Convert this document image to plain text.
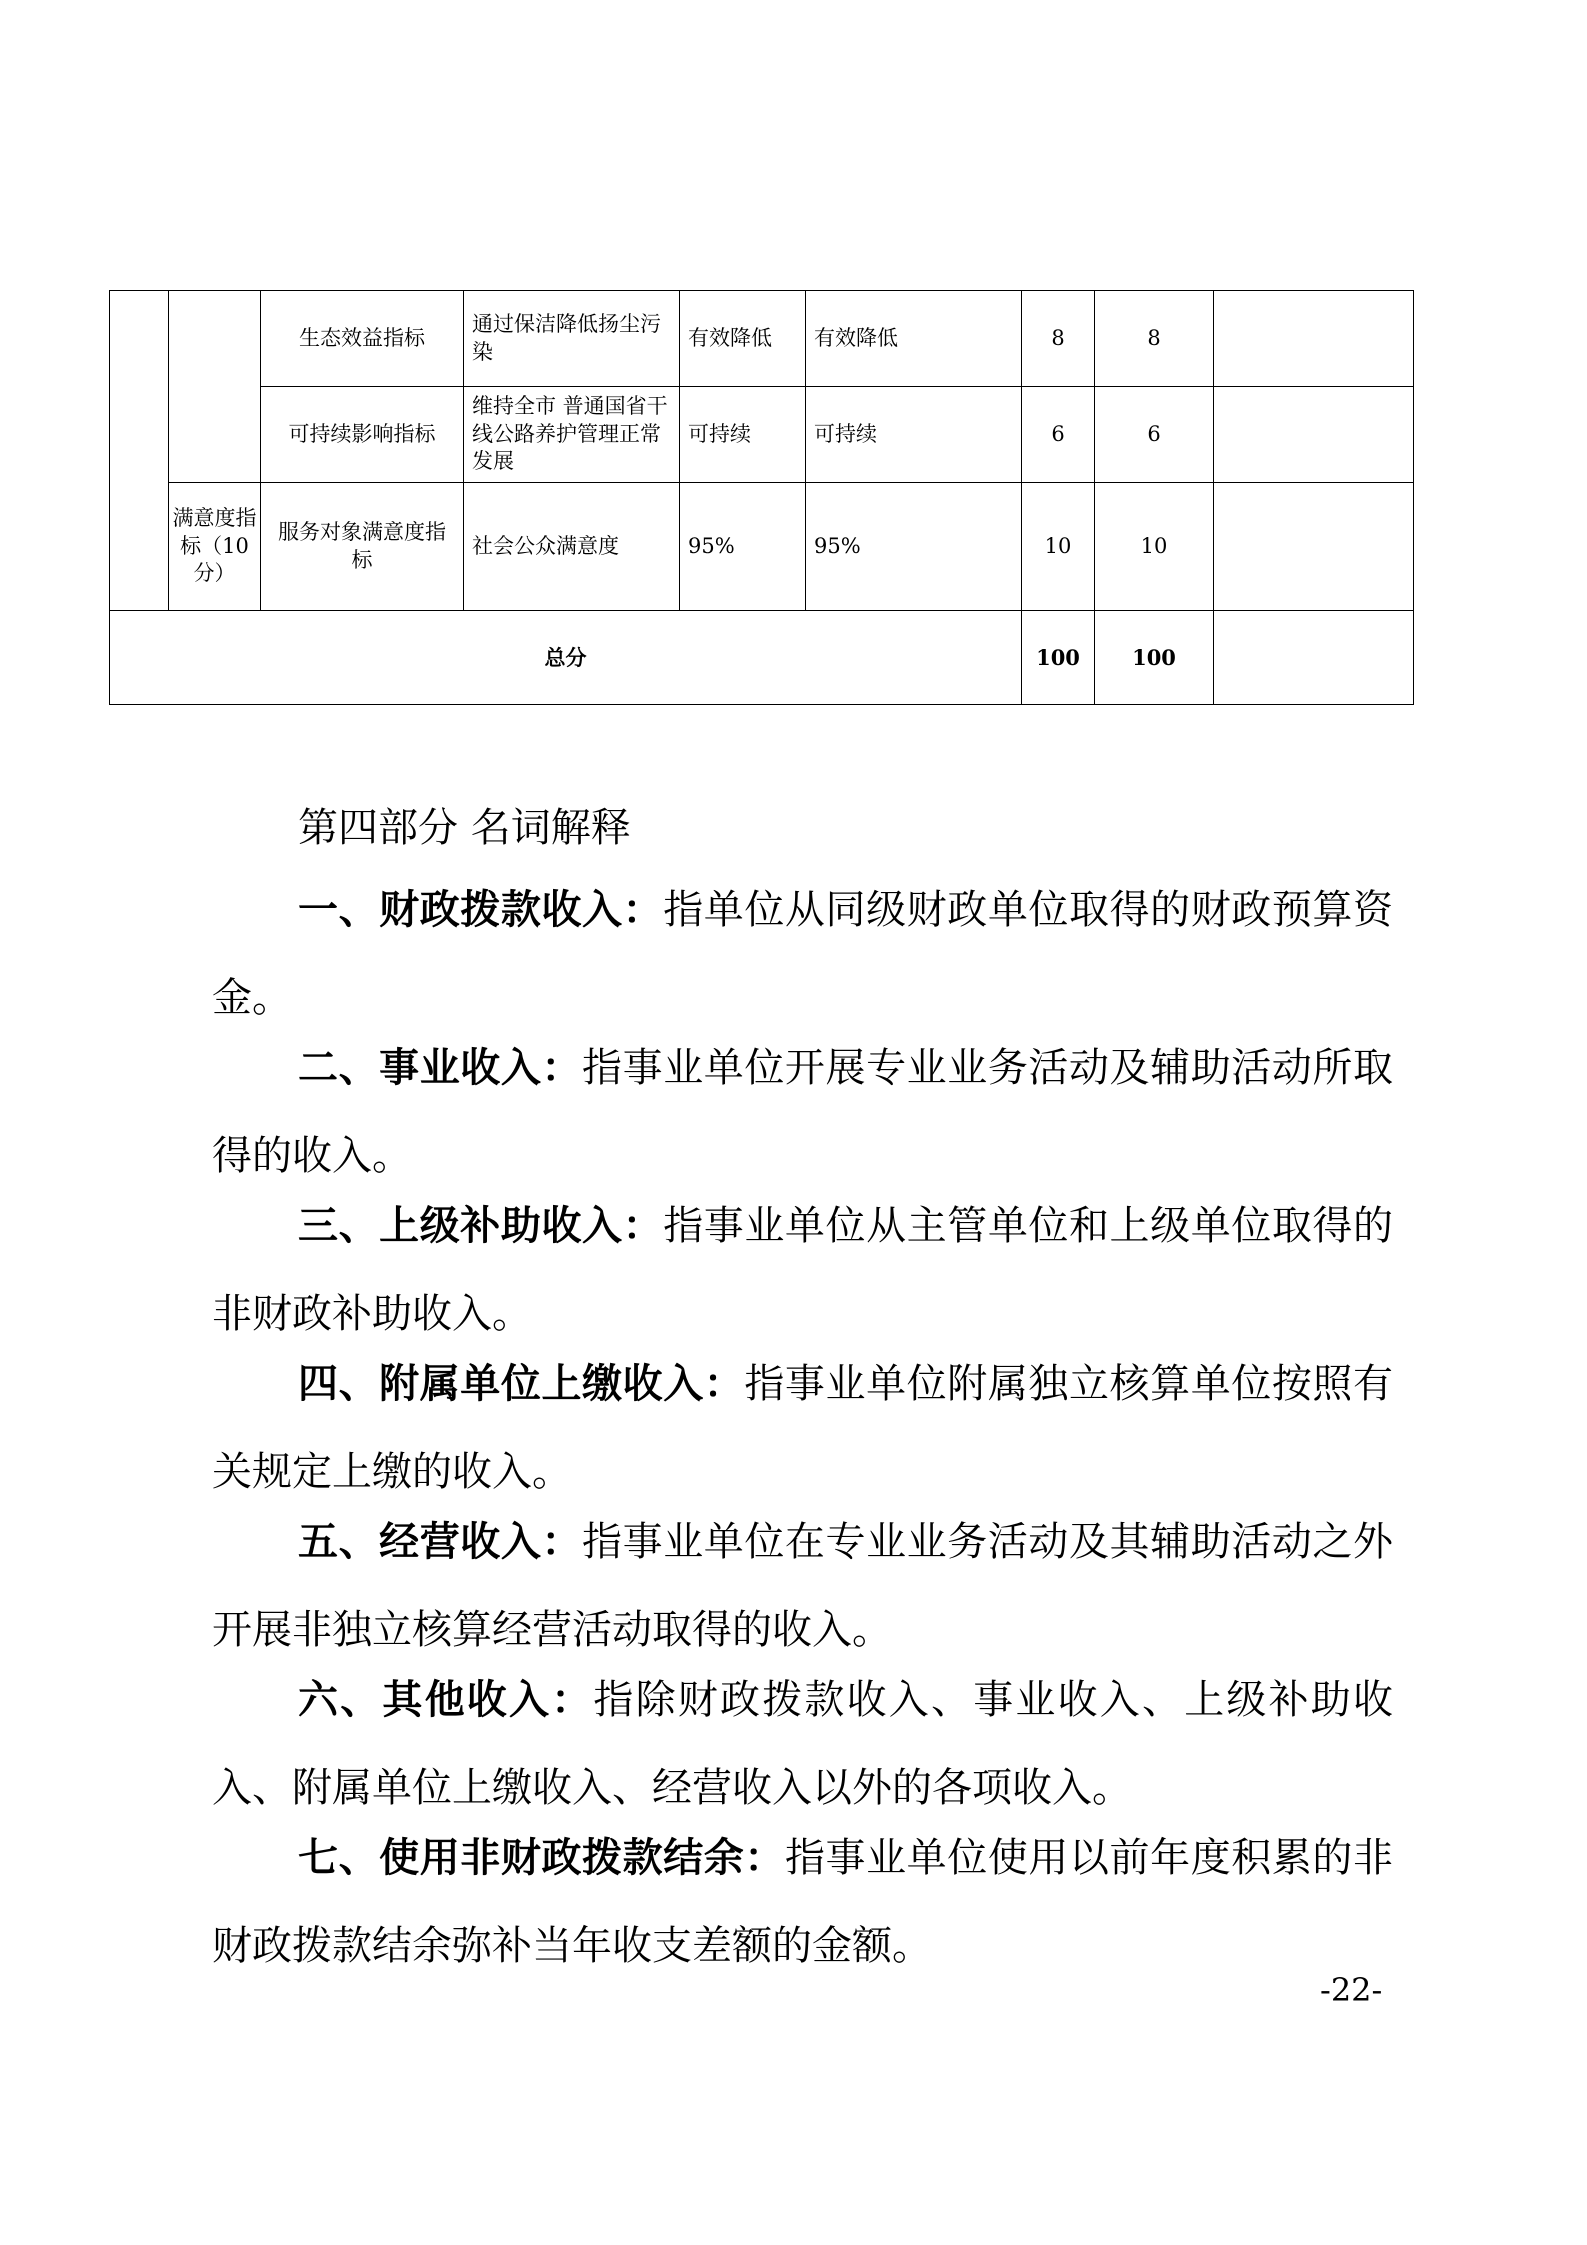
		生态效益指标	通过保洁降低扬尘污染	有效降低	有效降低	8	8	
		可持续影响指标	维持全市 普通国省干线公路养护管理正常发展	可持续	可持续	6	6	
	满意度指标（10分）	服务对象满意度指标	社会公众满意度	95%	95%	10	10	
总分						100	100	
第四部分 名词解释

一、财政拨款收入：指单位从同级财政单位取得的财政预算资金。

二、事业收入：指事业单位开展专业业务活动及辅助活动所取得的收入。

三、上级补助收入：指事业单位从主管单位和上级单位取得的非财政补助收入。

四、附属单位上缴收入：指事业单位附属独立核算单位按照有关规定上缴的收入。

五、经营收入：指事业单位在专业业务活动及其辅助活动之外开展非独立核算经营活动取得的收入。

六、其他收入：指除财政拨款收入、事业收入、上级补助收入、附属单位上缴收入、经营收入以外的各项收入。

七、使用非财政拨款结余：指事业单位使用以前年度积累的非财政拨款结余弥补当年收支差额的金额。

-22-
